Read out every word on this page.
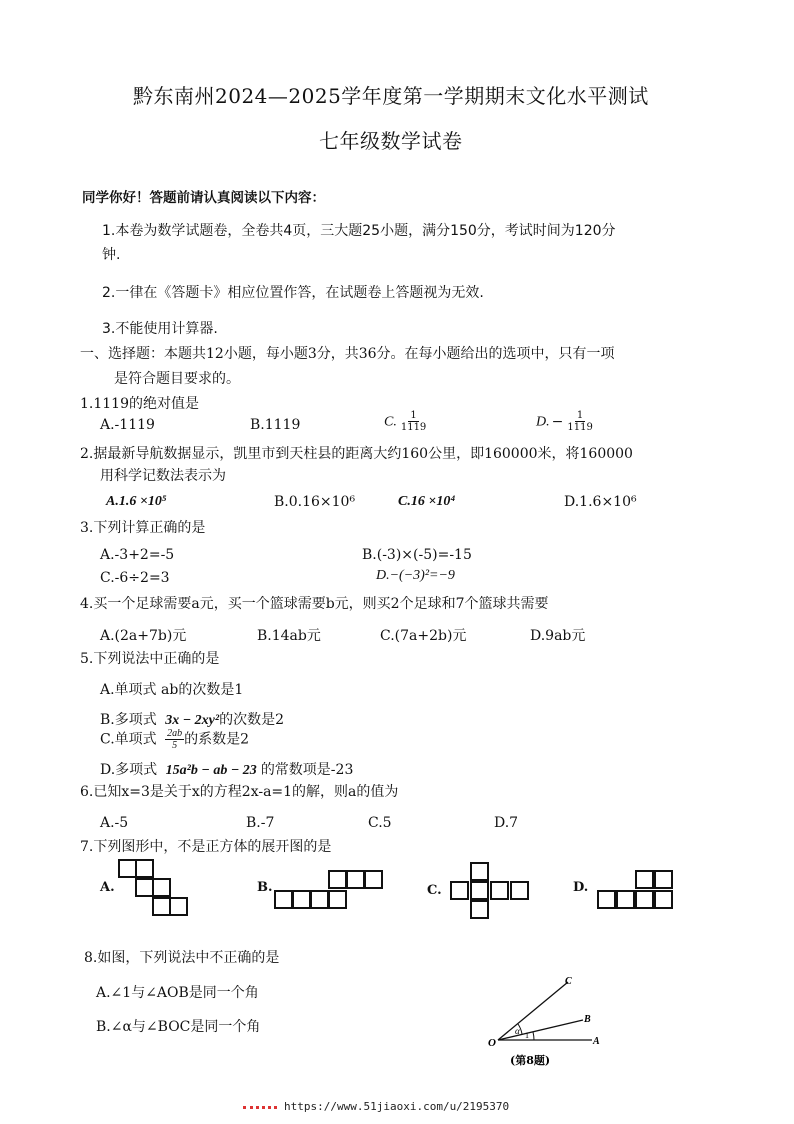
黔东南州2024—2025学年度第一学期期末文化水平测试
七年级数学试卷
同学你好！答题前请认真阅读以下内容：
1.本卷为数学试题卷，全卷共4页，三大题25小题，满分150分，考试时间为120分
钟.
2.一律在《答题卡》相应位置作答，在试题卷上答题视为无效.
3.不能使用计算器.
一、选择题：本题共12小题，每小题3分，共36分。在每小题给出的选项中，只有一项
是符合题目要求的。
1.1119的绝对值是
A.-1119	B.1119	C. $\frac{1}{1119}$	D. − $\frac{1}{1119}$
2.据最新导航数据显示，凯里市到天柱县的距离大约160公里，即160000米，将160000
用科学记数法表示为
A.1.6 ×10⁵	B.0.16×10⁶	C.16 ×10⁴	D.1.6×10⁶
3.下列计算正确的是
A.-3+2=-5	B.(-3)×(-5)=-15
C.-6÷2=3	D.−(−3)²=−9
4.买一个足球需要a元，买一个篮球需要b元，则买2个足球和7个篮球共需要
A.(2a+7b)元	B.14ab元	C.(7a+2b)元	D.9ab元
5.下列说法中正确的是
A.单项式 ab的次数是1
B.多项式 3x − 2xy²的次数是2
C.单项式 $\frac{2ab}{5}$ 的系数是2
D.多项式 15a²b − ab − 23 的常数项是-23
6.已知x=3是关于x的方程2x-a=1的解，则a的值为
A.-5	B.-7	C.5	D.7
7.下列图形中，不是正方体的展开图的是
A.	B.	C.	D.
8.如图，下列说法中不正确的是
A.∠1与∠AOB是同一个角
B.∠α与∠BOC是同一个角
O	A
B
C
α 1
(第8题)
https://www.51jiaoxi.com/u/2195370
